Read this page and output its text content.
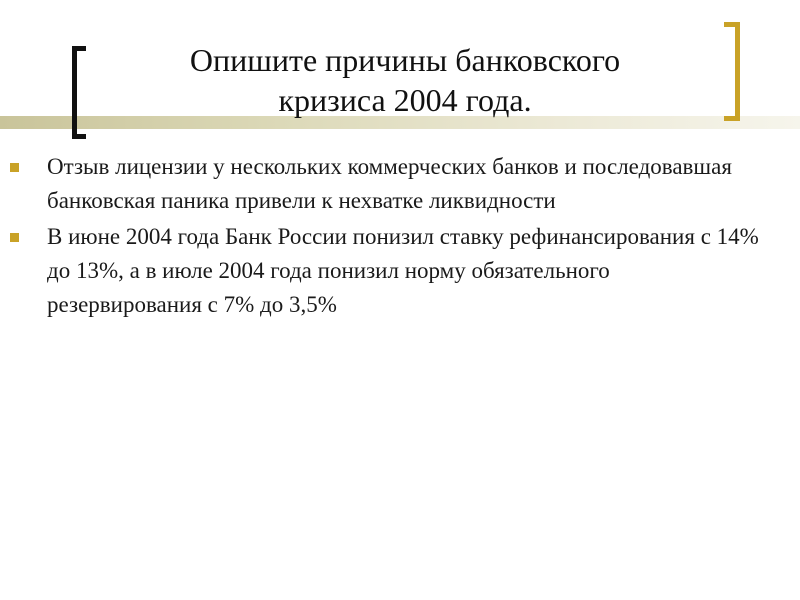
Опишите причины банковского
кризиса 2004 года.
Отзыв лицензии у нескольких коммерческих банков и последовавшая банковская паника привели к нехватке ликвидности
В июне 2004 года Банк России понизил ставку рефинансирования с 14% до 13%, а в июле 2004 года понизил норму обязательного резервирования с 7% до 3,5%
